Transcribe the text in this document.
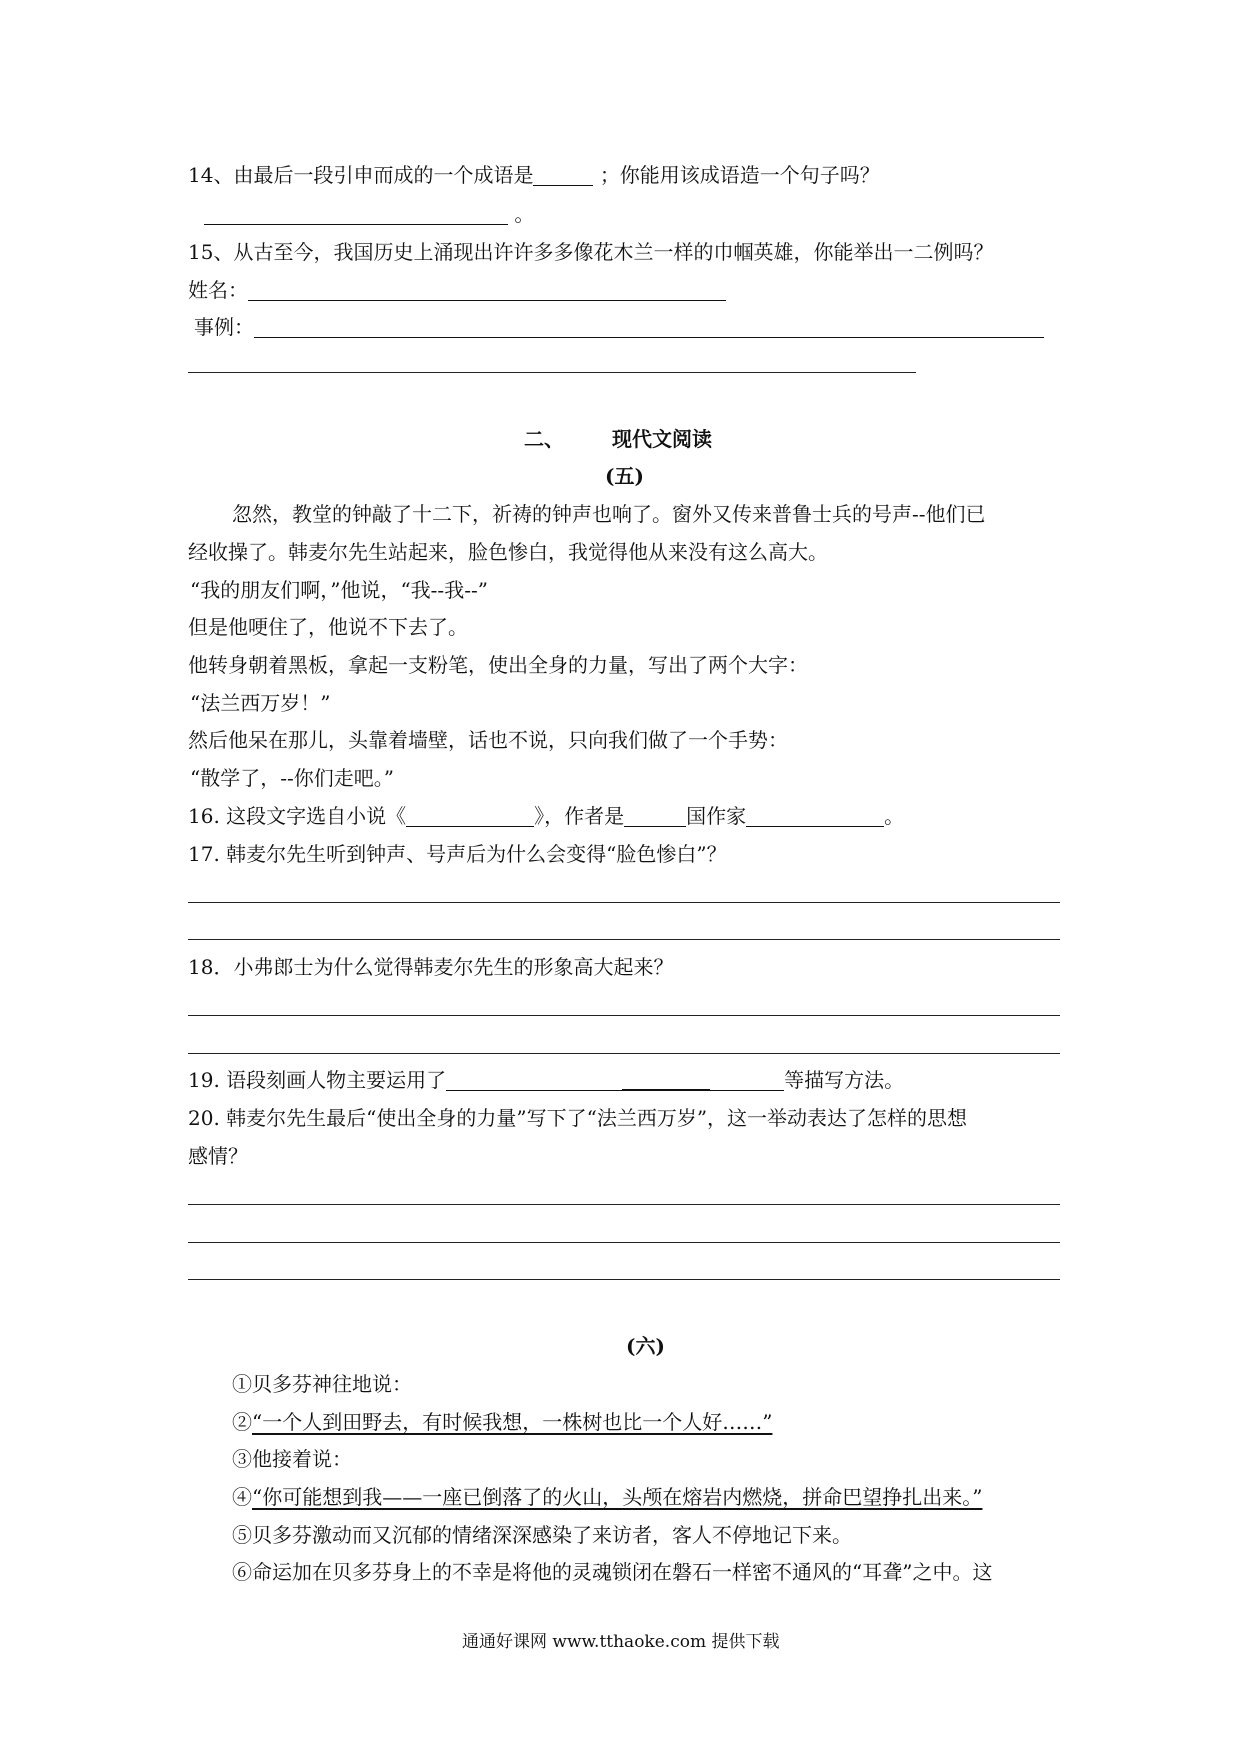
14、由最后一段引申而成的一个成语是	；你能用该成语造一个句子吗？
。
15、从古至今，我国历史上涌现出许许多多像花木兰一样的巾帼英雄，你能举出一二例吗？
姓名：
事例：
二、 现代文阅读
(五)
忽然，教堂的钟敲了十二下，祈祷的钟声也响了。窗外又传来普鲁士兵的号声--他们已
经收操了。韩麦尔先生站起来，脸色惨白，我觉得他从来没有这么高大。
“我的朋友们啊，”他说，“我--我--”
但是他哽住了，他说不下去了。
他转身朝着黑板，拿起一支粉笔，使出全身的力量，写出了两个大字：
“法兰西万岁！”
然后他呆在那儿，头靠着墙壁，话也不说，只向我们做了一个手势：
“散学了，--你们走吧。”
16. 这段文字选自小说《	》，作者是	国作家	。
17. 韩麦尔先生听到钟声、号声后为什么会变得“脸色惨白”？
18．小弗郎士为什么觉得韩麦尔先生的形象高大起来？
19. 语段刻画人物主要运用了	等描写方法。
20. 韩麦尔先生最后“使出全身的力量”写下了“法兰西万岁”，这一举动表达了怎样的思想
感情？
(六)
①贝多芬神往地说：
②“一个人到田野去，有时候我想，一株树也比一个人好……”
③他接着说：
④“你可能想到我——一座已倒落了的火山，头颅在熔岩内燃烧，拼命巴望挣扎出来。”
⑤贝多芬激动而又沉郁的情绪深深感染了来访者，客人不停地记下来。
⑥命运加在贝多芬身上的不幸是将他的灵魂锁闭在磐石一样密不通风的“耳聋”之中。这
通通好课网 www.tthaoke.com 提供下载
